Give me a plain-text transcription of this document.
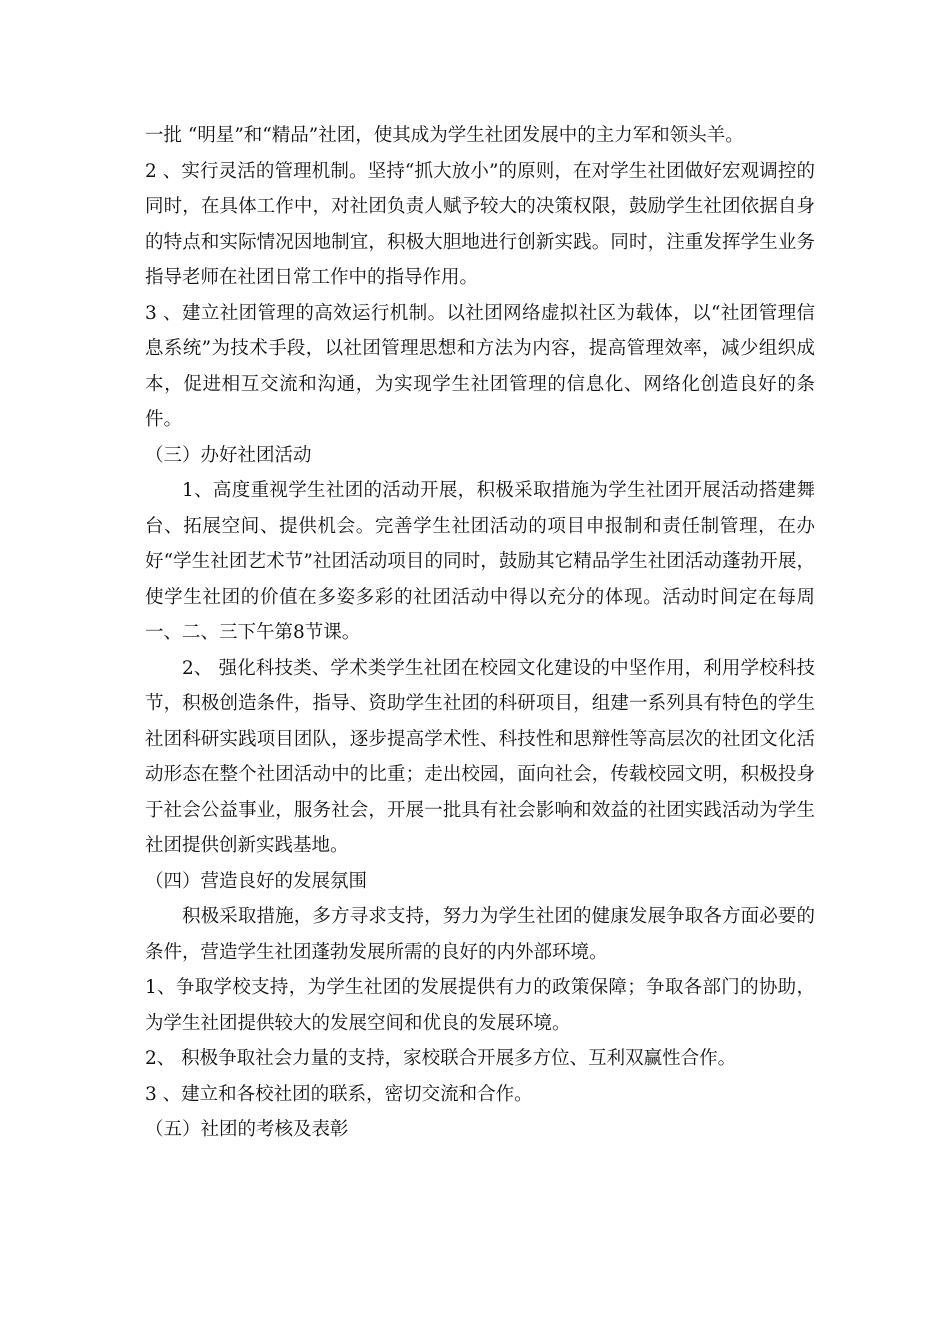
一批 “明星”和“精品”社团，使其成为学生社团发展中的主力军和领头羊。

2 、实行灵活的管理机制。坚持“抓大放小”的原则，在对学生社团做好宏观调控的同时，在具体工作中，对社团负责人赋予较大的决策权限，鼓励学生社团依据自身的特点和实际情况因地制宜，积极大胆地进行创新实践。同时，注重发挥学生业务指导老师在社团日常工作中的指导作用。

3 、建立社团管理的高效运行机制。以社团网络虚拟社区为载体，以“社团管理信息系统”为技术手段，以社团管理思想和方法为内容，提高管理效率，减少组织成本，促进相互交流和沟通，为实现学生社团管理的信息化、网络化创造良好的条件。

（三）办好社团活动

1、高度重视学生社团的活动开展，积极采取措施为学生社团开展活动搭建舞台、拓展空间、提供机会。完善学生社团活动的项目申报制和责任制管理，在办好“学生社团艺术节”社团活动项目的同时，鼓励其它精品学生社团活动蓬勃开展，使学生社团的价值在多姿多彩的社团活动中得以充分的体现。活动时间定在每周一、二、三下午第8节课。

2、 强化科技类、学术类学生社团在校园文化建设的中坚作用，利用学校科技节，积极创造条件，指导、资助学生社团的科研项目，组建一系列具有特色的学生社团科研实践项目团队，逐步提高学术性、科技性和思辩性等高层次的社团文化活动形态在整个社团活动中的比重；走出校园，面向社会，传载校园文明，积极投身于社会公益事业，服务社会，开展一批具有社会影响和效益的社团实践活动为学生社团提供创新实践基地。

（四）营造良好的发展氛围

积极采取措施，多方寻求支持，努力为学生社团的健康发展争取各方面必要的条件，营造学生社团蓬勃发展所需的良好的内外部环境。

1、争取学校支持，为学生社团的发展提供有力的政策保障；争取各部门的协助，为学生社团提供较大的发展空间和优良的发展环境。

2、 积极争取社会力量的支持，家校联合开展多方位、互利双赢性合作。

3 、建立和各校社团的联系，密切交流和合作。

（五）社团的考核及表彰
